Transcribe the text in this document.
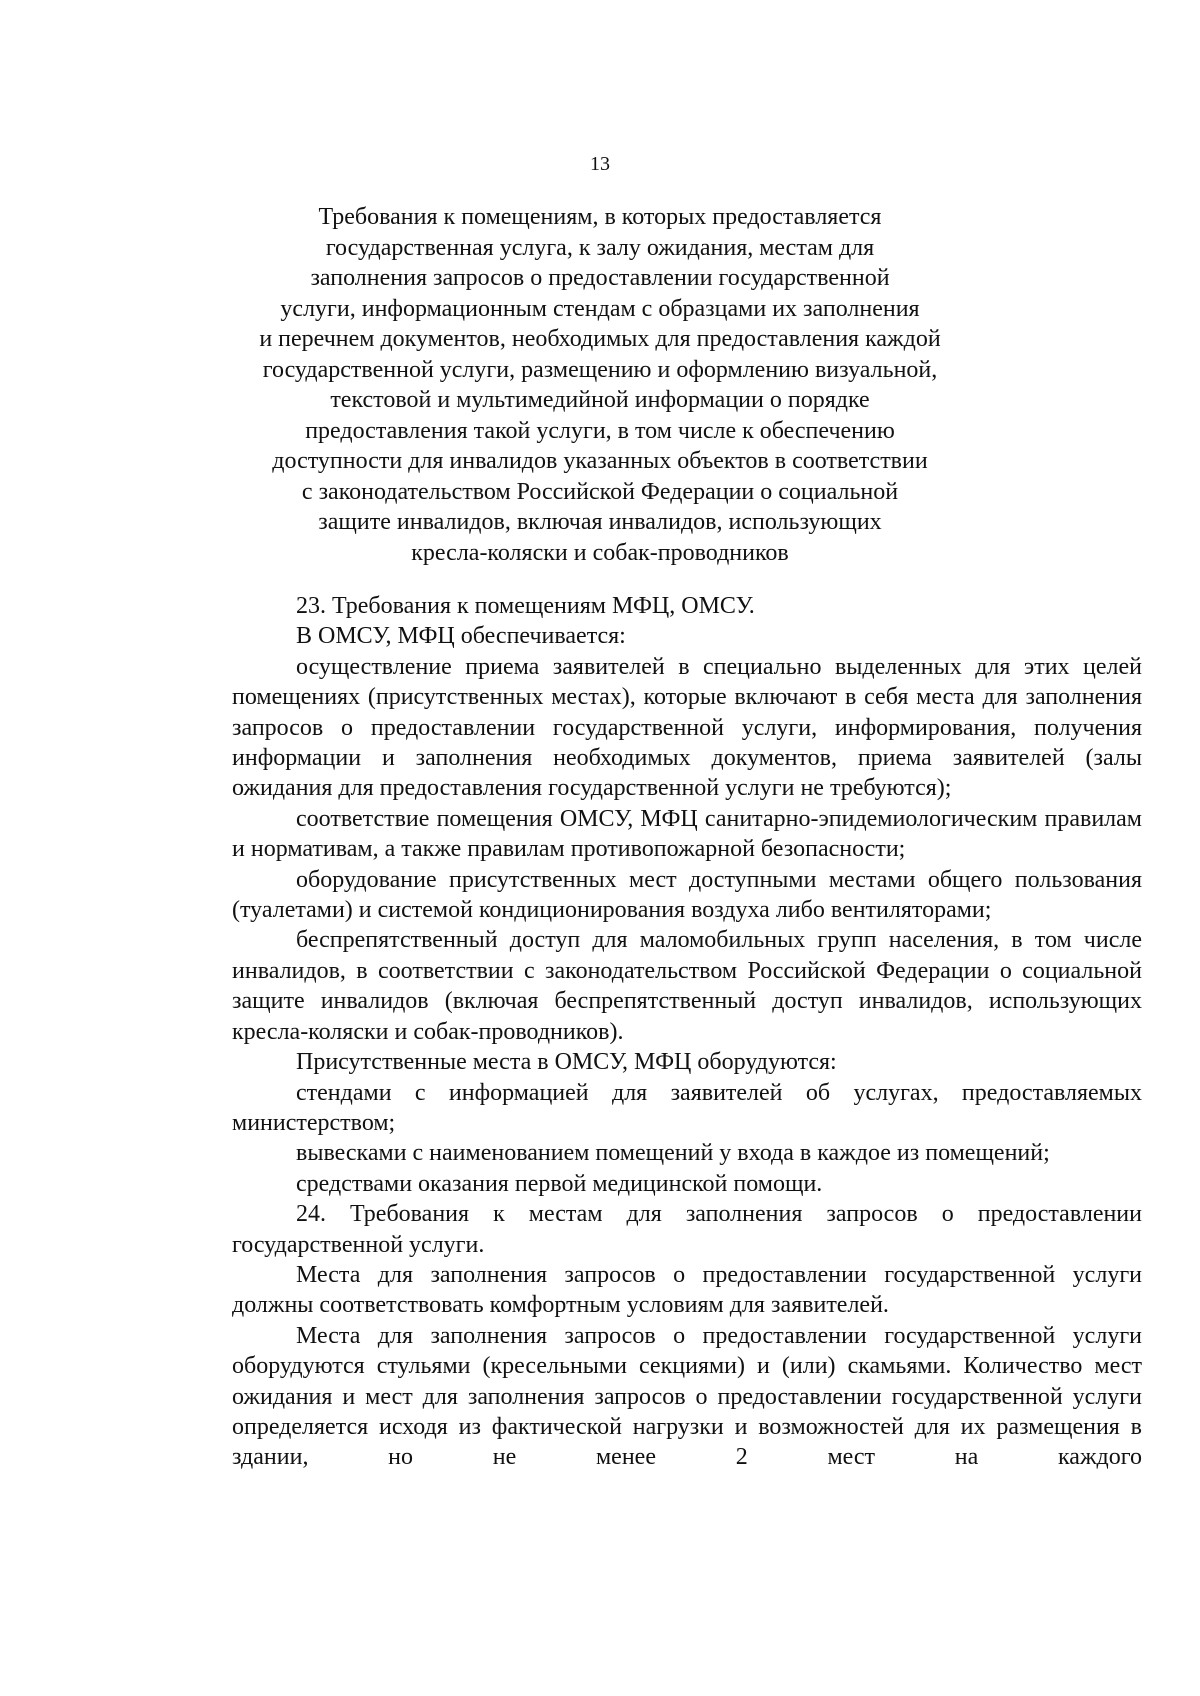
13
Требования к помещениям, в которых предоставляется
государственная услуга, к залу ожидания, местам для
заполнения запросов о предоставлении государственной
услуги, информационным стендам с образцами их заполнения
и перечнем документов, необходимых для предоставления каждой
государственной услуги, размещению и оформлению визуальной,
текстовой и мультимедийной информации о порядке
предоставления такой услуги, в том числе к обеспечению
доступности для инвалидов указанных объектов в соответствии
с законодательством Российской Федерации о социальной
защите инвалидов, включая инвалидов, использующих
кресла-коляски и собак-проводников

23. Требования к помещениям МФЦ, ОМСУ.

В ОМСУ, МФЦ обеспечивается:

осуществление приема заявителей в специально выделенных для этих целей помещениях (присутственных местах), которые включают в себя места для заполнения запросов о предоставлении государственной услуги, информирования, получения информации и заполнения необходимых документов, приема заявителей (залы ожидания для предоставления государственной услуги не требуются);

соответствие помещения ОМСУ, МФЦ санитарно-эпидемиологическим правилам и нормативам, а также правилам противопожарной безопасности;

оборудование присутственных мест доступными местами общего пользования (туалетами) и системой кондиционирования воздуха либо вентиляторами;

беспрепятственный доступ для маломобильных групп населения, в том числе инвалидов, в соответствии с законодательством Российской Федерации о социальной защите инвалидов (включая беспрепятственный доступ инвалидов, использующих кресла-коляски и собак-проводников).

Присутственные места в ОМСУ, МФЦ оборудуются:

стендами с информацией для заявителей об услугах, предоставляемых министерством;

вывесками с наименованием помещений у входа в каждое из помещений;

средствами оказания первой медицинской помощи.

24. Требования к местам для заполнения запросов о предоставлении государственной услуги.

Места для заполнения запросов о предоставлении государственной услуги должны соответствовать комфортным условиям для заявителей.

Места для заполнения запросов о предоставлении государственной услуги оборудуются стульями (кресельными секциями) и (или) скамьями. Количество мест ожидания и мест для заполнения запросов о предоставлении государственной услуги определяется исходя из фактической нагрузки и возможностей для их размещения в здании, но не менее 2 мест на каждого
